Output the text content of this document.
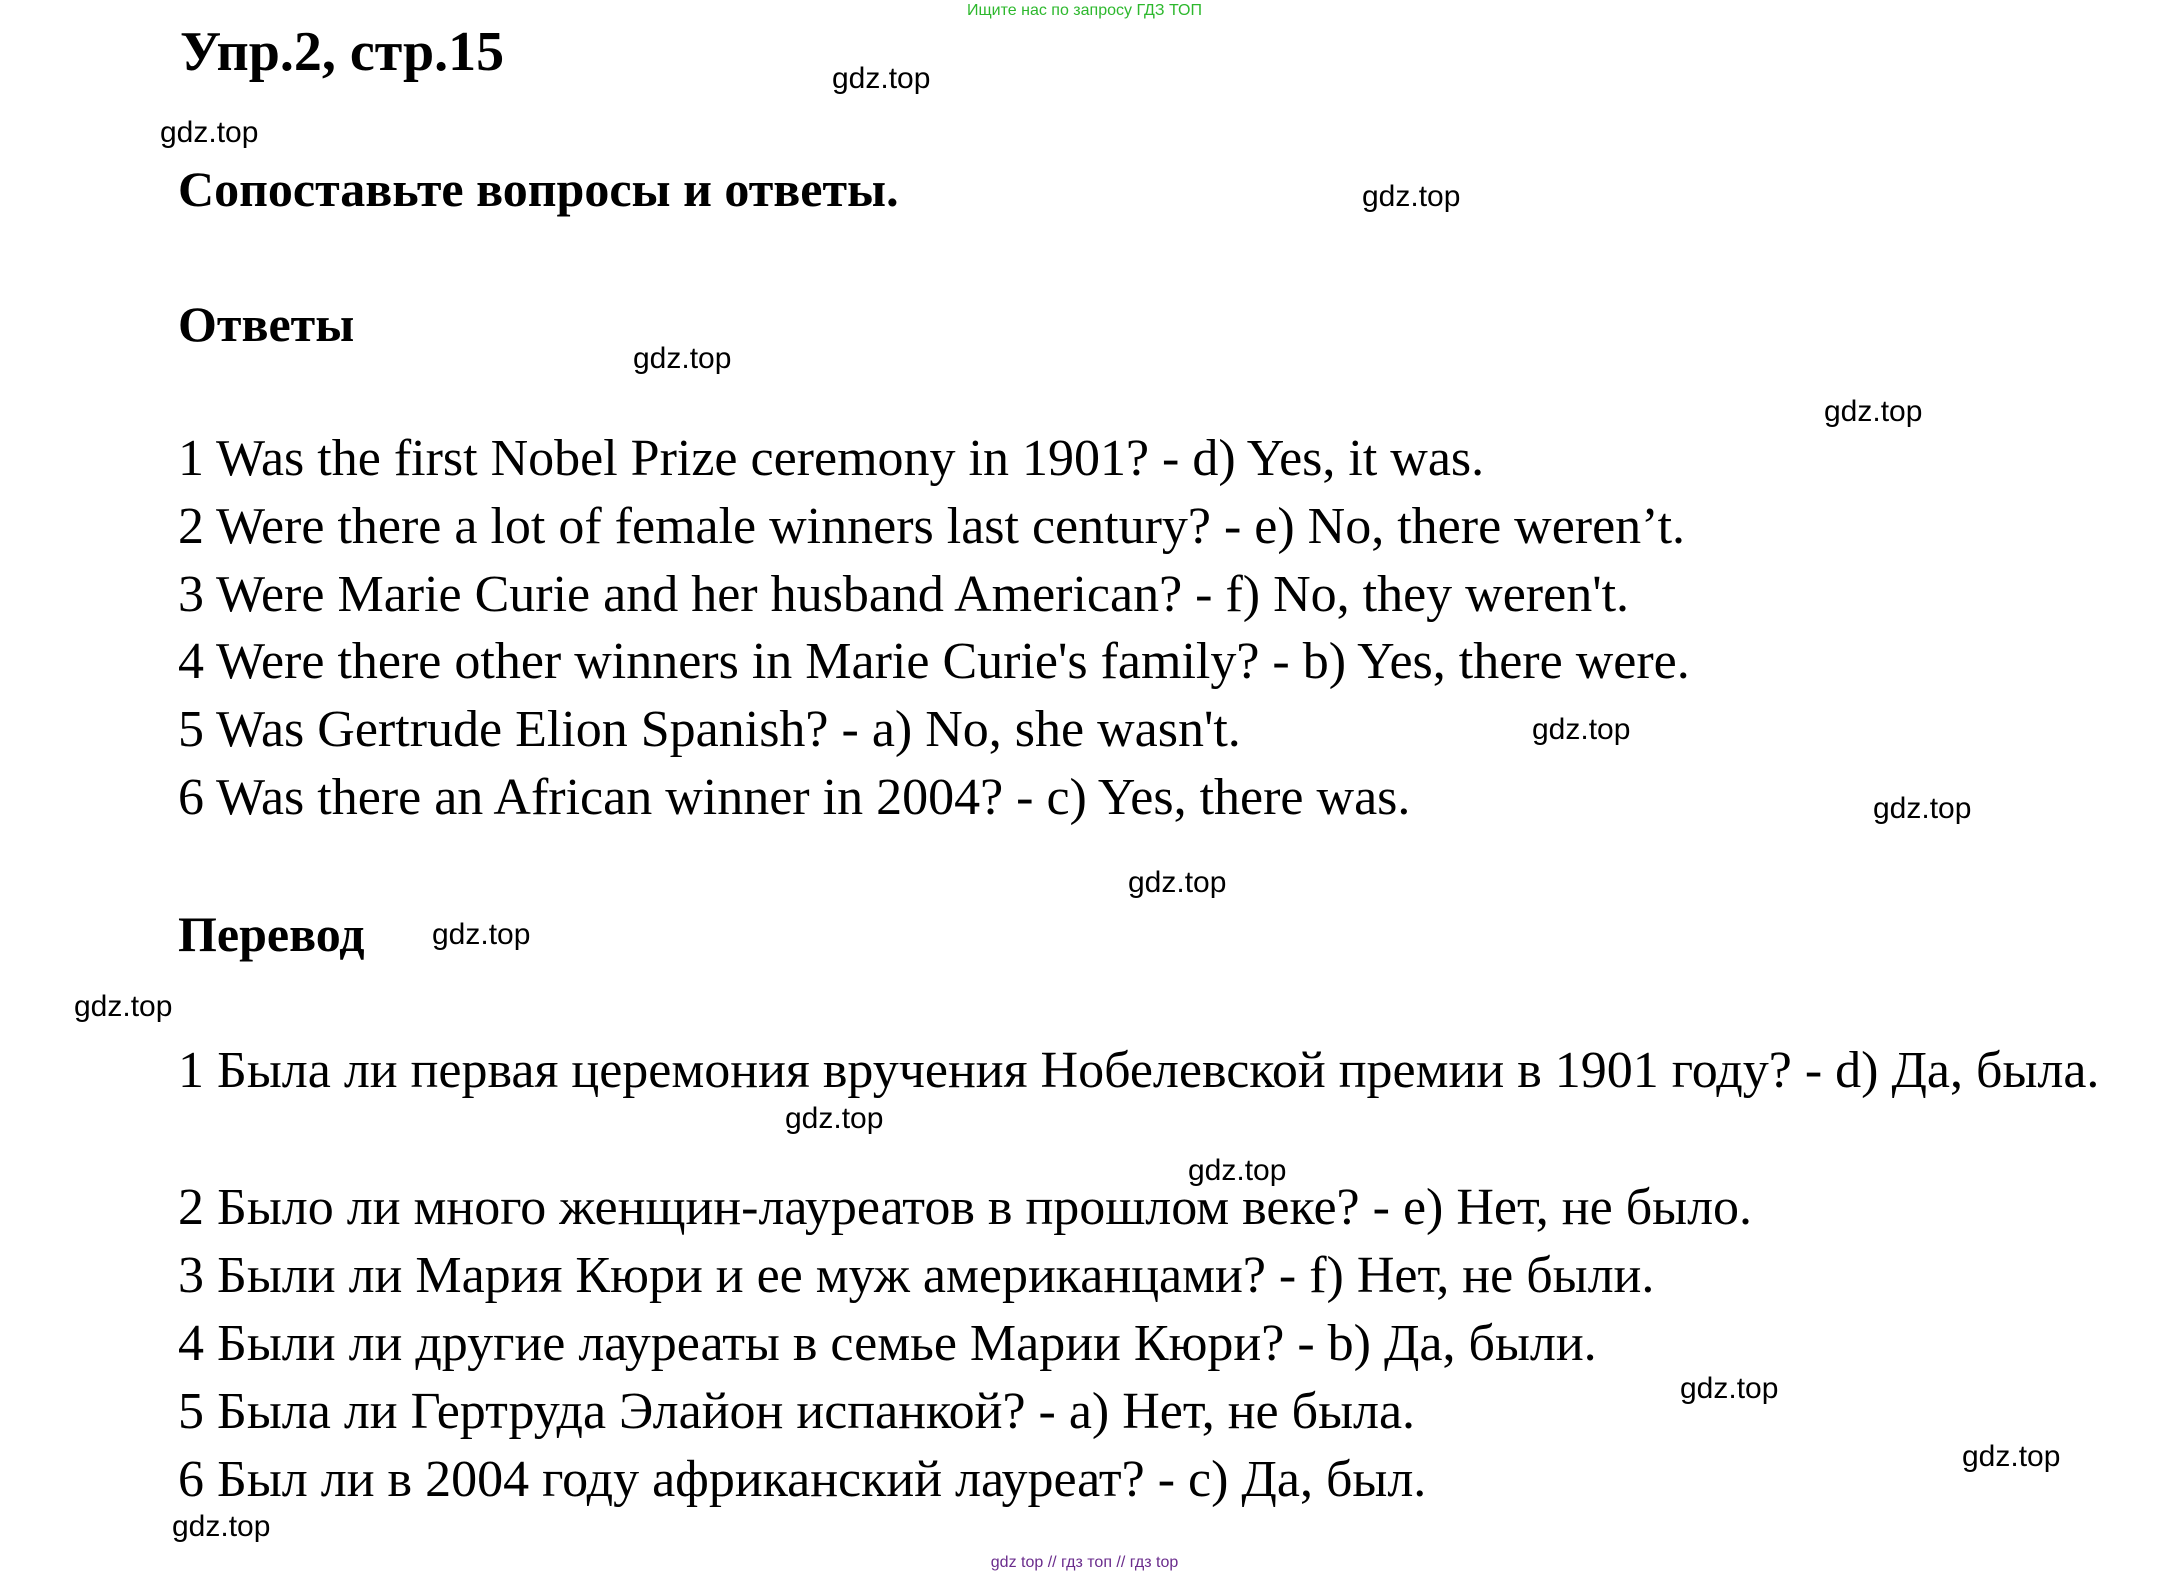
Ищите нас по запросу ГДЗ ТОП
Упр.2, стр.15
Сопоставьте вопросы и ответы.
Ответы
1 Was the first Nobel Prize ceremony in 1901? - d) Yes, it was.
2 Were there a lot of female winners last century? - e) No, there weren’t.
3 Were Marie Curie and her husband American? - f) No, they weren't.
4 Were there other winners in Marie Curie's family? - b) Yes, there were.
5 Was Gertrude Elion Spanish? - a) No, she wasn't.
6 Was there an African winner in 2004? - c) Yes, there was.
Перевод
1 Была ли первая церемония вручения Нобелевской премии в 1901 году? - d) Да, была.
2 Было ли много женщин-лауреатов в прошлом веке? - e) Нет, не было.
3 Были ли Мария Кюри и ее муж американцами? - f) Нет, не были.
4 Были ли другие лауреаты в семье Марии Кюри? - b) Да, были.
5 Была ли Гертруда Элайон испанкой? - a) Нет, не была.
6 Был ли в 2004 году африканский лауреат? - c) Да, был.
gdz.top
gdz.top
gdz.top
gdz.top
gdz.top
gdz.top
gdz.top
gdz.top
gdz.top
gdz.top
gdz.top
gdz.top
gdz.top
gdz.top
gdz.top
gdz top // гдз топ // гдз top
